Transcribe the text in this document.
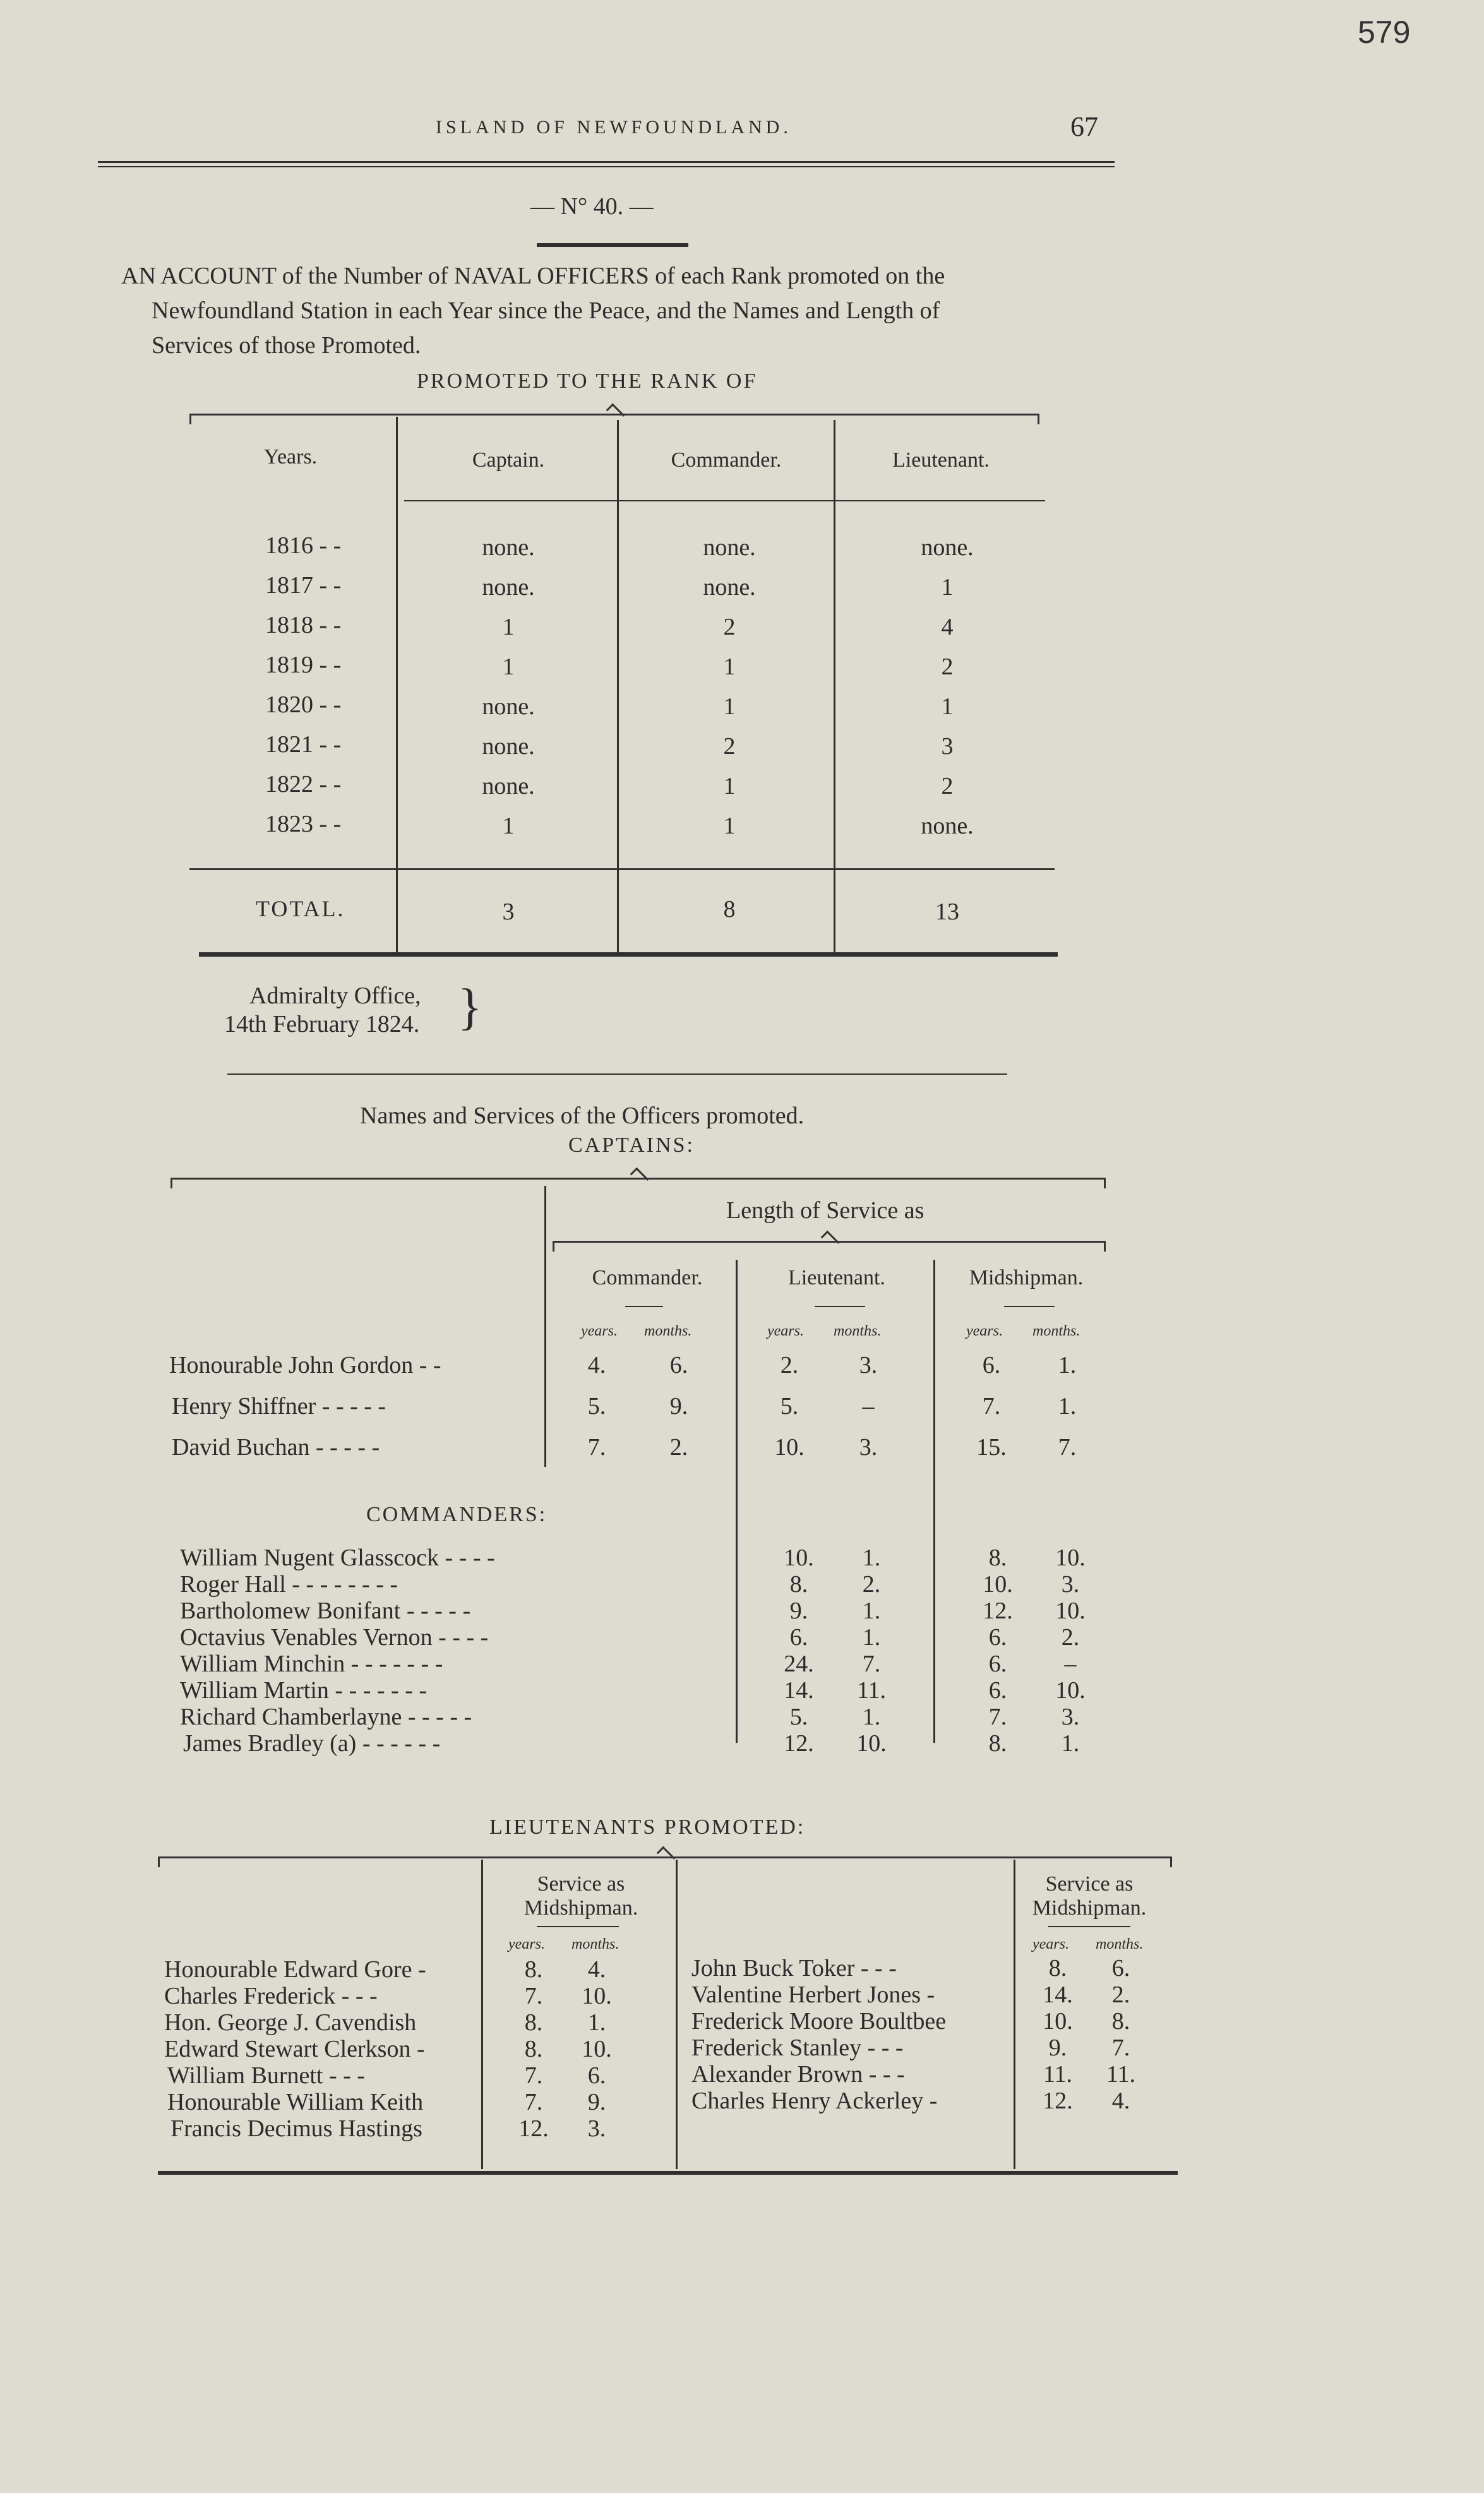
579
ISLAND OF NEWFOUNDLAND.	67
— N° 40. —
AN ACCOUNT of the Number of NAVAL OFFICERS of each Rank promoted on the
Newfoundland Station in each Year since the Peace, and the Names and Length of
Services of those Promoted.
PROMOTED TO THE RANK OF
Years.	Captain.	Commander.	Lieutenant.
1816 - -	none.	none.	none.
1817 - -	none.	none.	1
1818 - -	1	2	4
1819 - -	1	1	2
1820 - -	none.	1	1
1821 - -	none.	2	3
1822 - -	none.	1	2
1823 - -	1	1	none.
TOTAL.	3	8	13
Admiralty Office,
14th February 1824. }
Names and Services of the Officers promoted.
CAPTAINS:
Length of Service as
Commander.	Lieutenant.	Midshipman.
years. months.	years. months.	years. months.
Honourable John Gordon - -	4.	6.	2.	3.	6.	1.
Henry Shiffner - - - - -	5.	9.	5.	–	7.	1.
David Buchan - - - - -	7.	2.	10.	3.	15.	7.
COMMANDERS:
William Nugent Glasscock - - - -	10.	1.	8.	10.
Roger Hall - - - - - - - -	8.	2.	10.	3.
Bartholomew Bonifant - - - - -	9.	1.	12. 10.
Octavius Venables Vernon - - - -	6.	1.	6.	2.
William Minchin - - - - - - -	24.	7.	6.	–
William Martin - - - - - - -	14.	11.	6.	10.
Richard Chamberlayne - - - - -	5.	1.	7.	3.
James Bradley (a) - - - - - -	12. 10.	8.	1.
LIEUTENANTS PROMOTED:
Service as
Midshipman.
Service as
Midshipman.
years. months.	years. months.
Honourable Edward Gore -	8.	4.
Charles Frederick - - -	7.	10.
Hon. George J. Cavendish	8.	1.
Edward Stewart Clerkson -	8.	10.
William Burnett - - -	7.	6.
Honourable William Keith	7.	9.
Francis Decimus Hastings	12.	3.
John Buck Toker - - -	8.	6.
Valentine Herbert Jones -	14.	2.
Frederick Moore Boultbee	10.	8.
Frederick Stanley - - -	9.	7.
Alexander Brown - - -	11.	11.
Charles Henry Ackerley -	12.	4.
